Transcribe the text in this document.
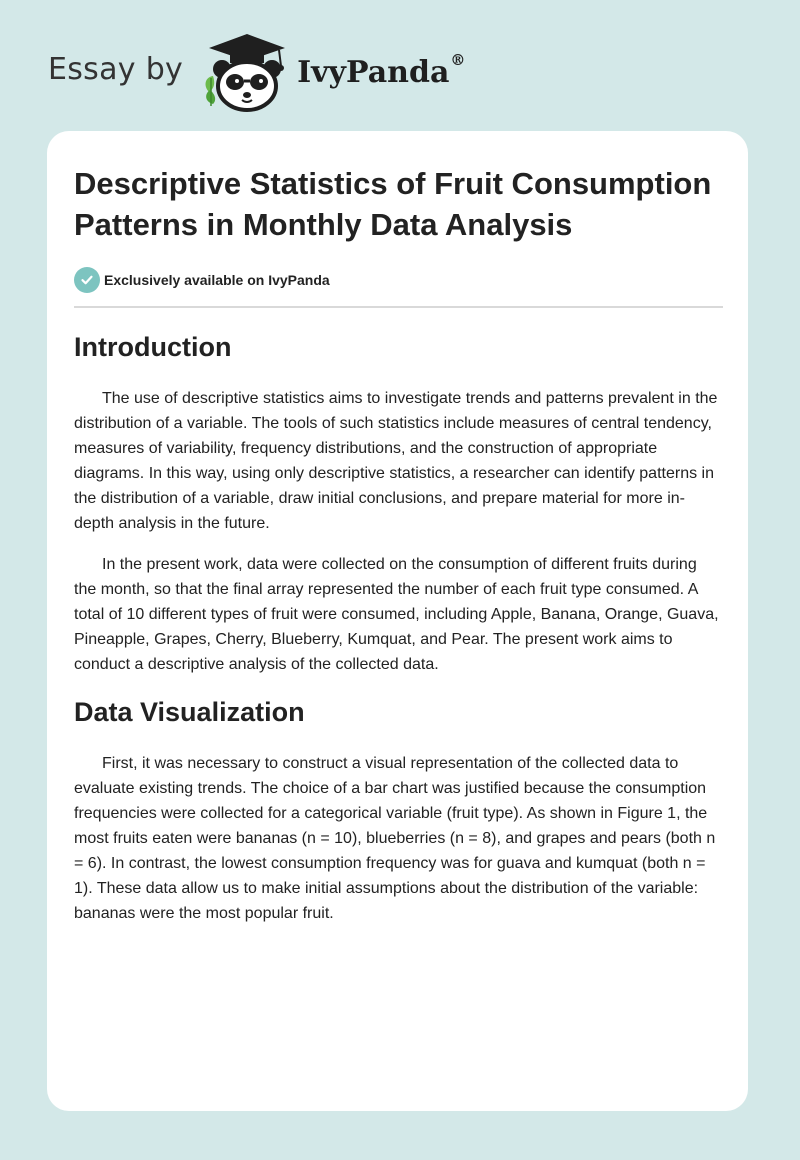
Essay by	IvyPanda®
Descriptive Statistics of Fruit Consumption Patterns in Monthly Data Analysis
Exclusively available on IvyPanda
Introduction

The use of descriptive statistics aims to investigate trends and patterns prevalent in the distribution of a variable. The tools of such statistics include measures of central tendency, measures of variability, frequency distributions, and the construction of appropriate diagrams. In this way, using only descriptive statistics, a researcher can identify patterns in the distribution of a variable, draw initial conclusions, and prepare material for more in-depth analysis in the future.

In the present work, data were collected on the consumption of different fruits during the month, so that the final array represented the number of each fruit type consumed. A total of 10 different types of fruit were consumed, including Apple, Banana, Orange, Guava, Pineapple, Grapes, Cherry, Blueberry, Kumquat, and Pear. The present work aims to conduct a descriptive analysis of the collected data.

Data Visualization

First, it was necessary to construct a visual representation of the collected data to evaluate existing trends. The choice of a bar chart was justified because the consumption frequencies were collected for a categorical variable (fruit type). As shown in Figure 1, the most fruits eaten were bananas (n = 10), blueberries (n = 8), and grapes and pears (both n = 6). In contrast, the lowest consumption frequency was for guava and kumquat (both n = 1). These data allow us to make initial assumptions about the distribution of the variable: bananas were the most popular fruit.
